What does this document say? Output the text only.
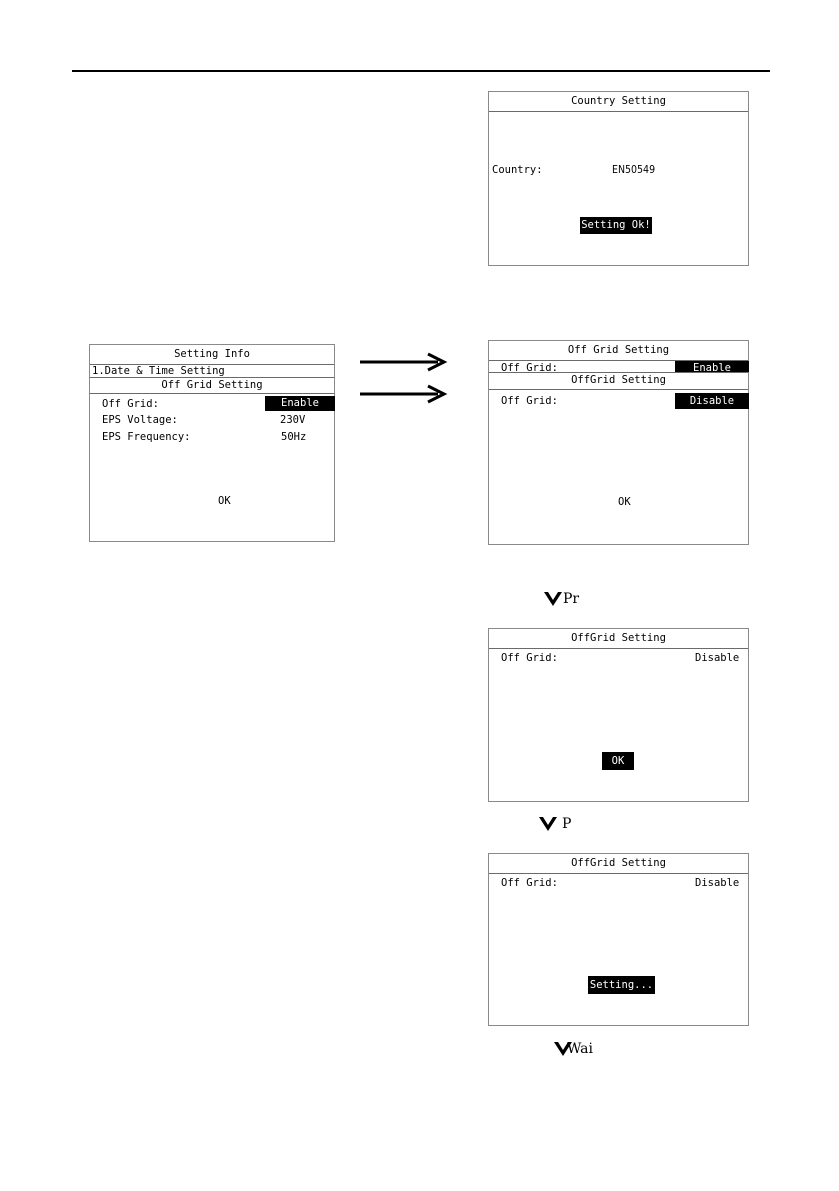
Country Setting
Country:	EN50549
Setting Ok!
Setting Info
1.Date & Time Setting
Off Grid Setting
Off Grid:	Enable
EPS Voltage:	230V
EPS Frequency:	50Hz
OK
Off Grid Setting
Off Grid:	Enable
OffGrid Setting
Off Grid:	Disable
OK
Pr
OffGrid Setting
Off Grid:	Disable
OK
P
OffGrid Setting
Off Grid:	Disable
Setting...
Wai
